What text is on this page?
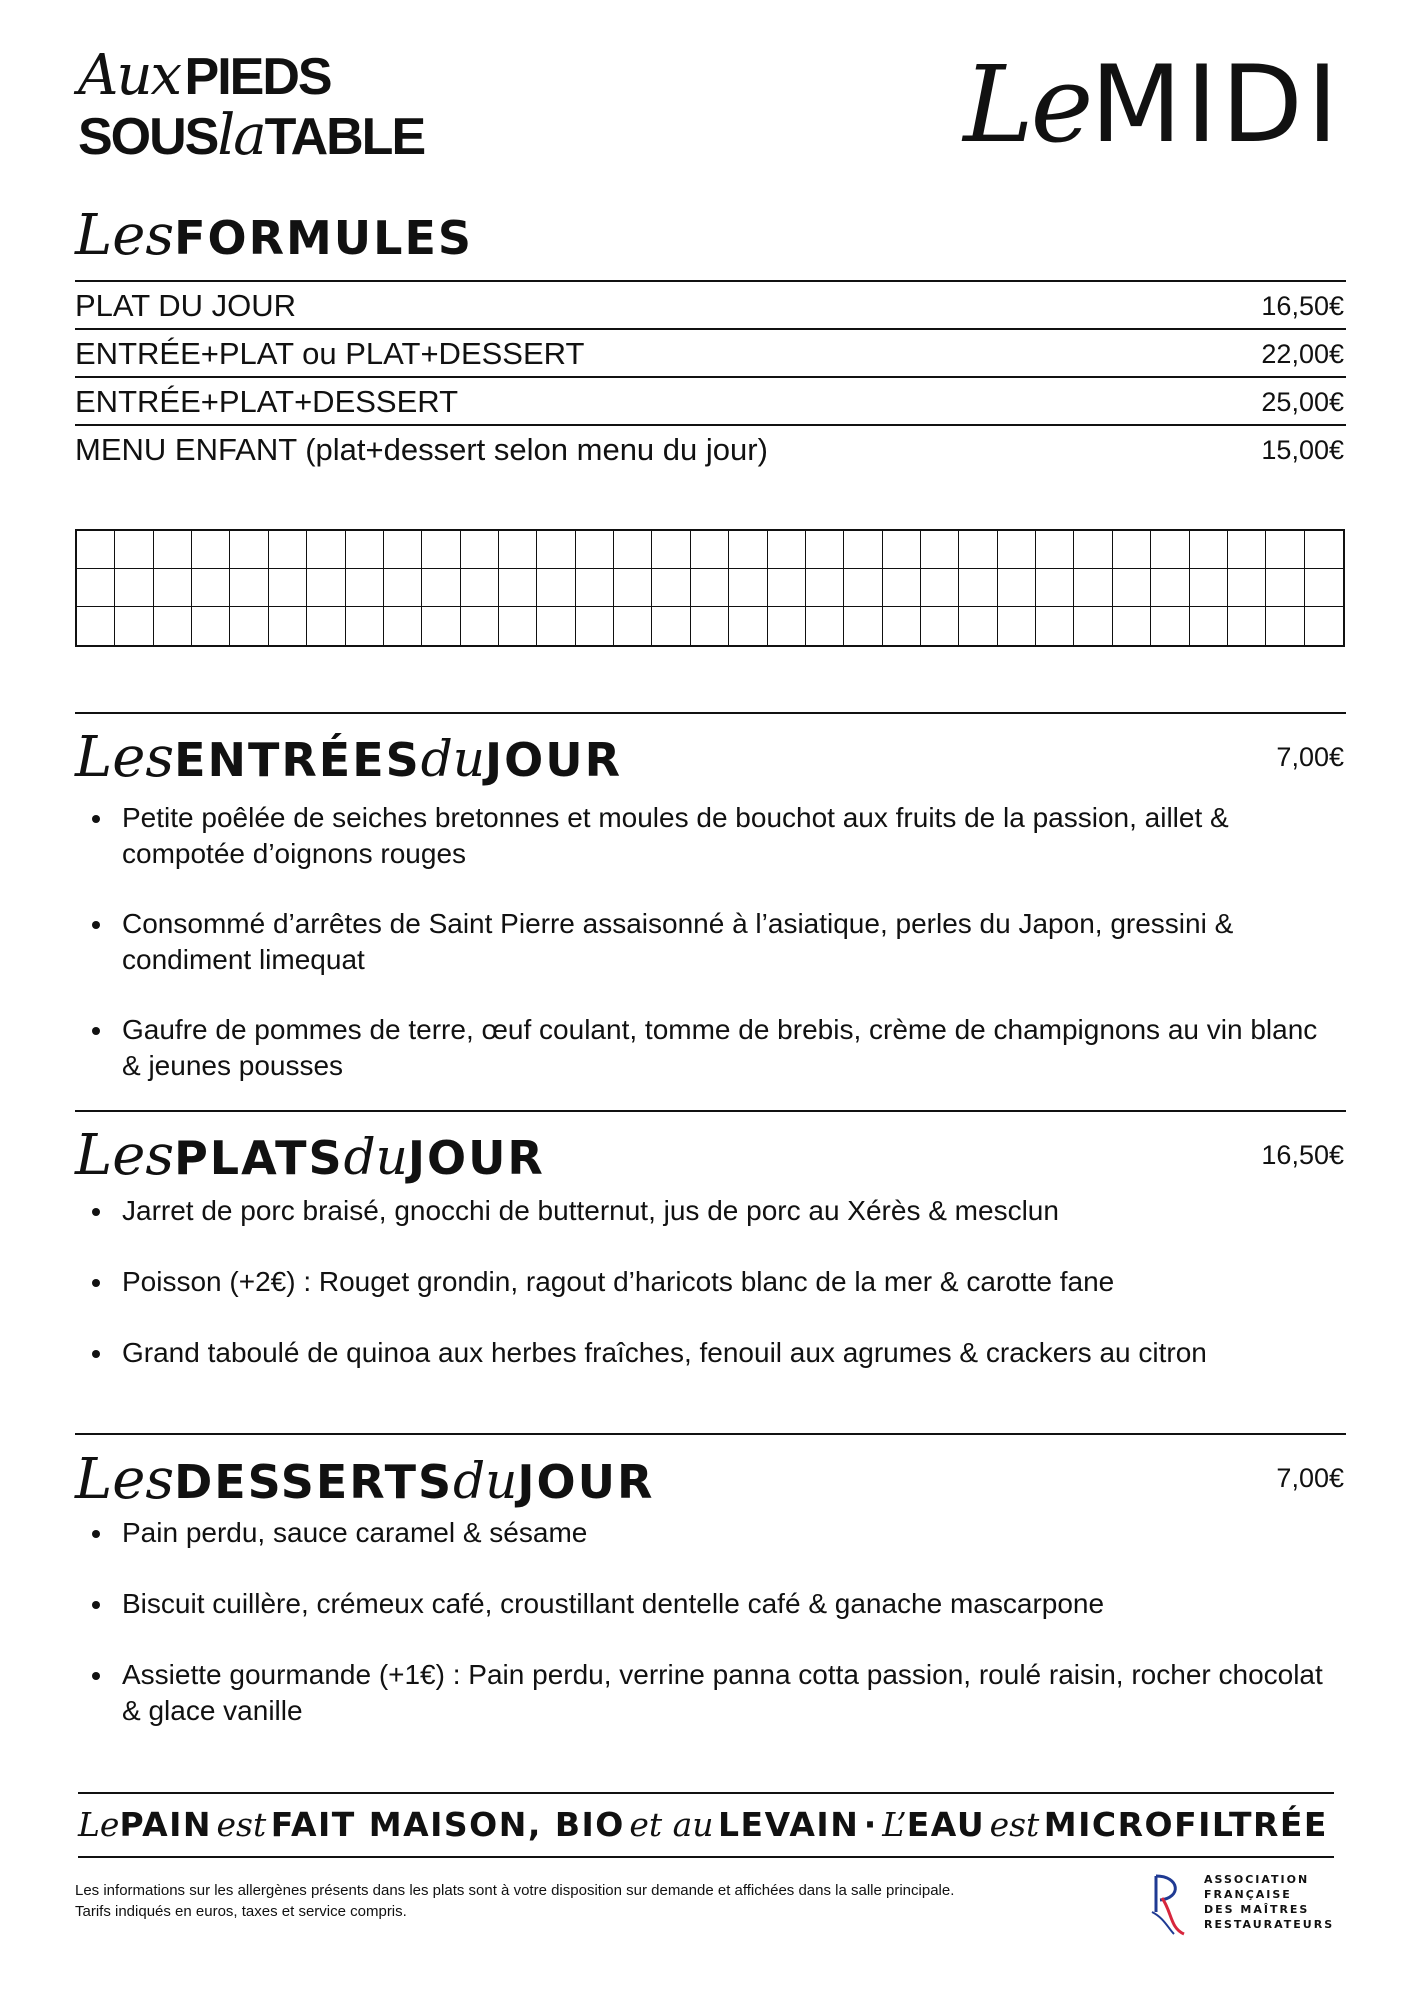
Aux PIEDS
SOUSlaTABLE	LeMIDI
LesFORMULES
PLAT DU JOUR	16,50€
ENTRÉE+PLAT ou PLAT+DESSERT	22,00€
ENTRÉE+PLAT+DESSERT	25,00€
MENU ENFANT (plat+dessert selon menu du jour)	15,00€
LesENTRÉESduJOUR	7,00€
Petite poêlée de seiches bretonnes et moules de bouchot aux fruits de la passion, aillet & compotée d’oignons rouges
Consommé d’arrêtes de Saint Pierre assaisonné à l’asiatique, perles du Japon, gressini & condiment limequat
Gaufre de pommes de terre, œuf coulant, tomme de brebis, crème de champignons au vin blanc & jeunes pousses
LesPLATSduJOUR	16,50€
Jarret de porc braisé, gnocchi de butternut, jus de porc au Xérès & mesclun
Poisson (+2€) : Rouget grondin, ragout d’haricots blanc de la mer & carotte fane
Grand taboulé de quinoa aux herbes fraîches, fenouil aux agrumes & crackers au citron
LesDESSERTSduJOUR	7,00€
Pain perdu, sauce caramel & sésame
Biscuit cuillère, crémeux café, croustillant dentelle café & ganache mascarpone
Assiette gourmande (+1€) : Pain perdu, verrine panna cotta passion, roulé raisin, rocher chocolat & glace vanille
LePAIN est FAIT MAISON, BIO et au LEVAIN · L’EAU est MICROFILTRÉE
Les informations sur les allergènes présents dans les plats sont à votre disposition sur demande et affichées dans la salle principale.
Tarifs indiqués en euros, taxes et service compris.
ASSOCIATION
FRANÇAISE
DES MAÎTRES
RESTAURATEURS
